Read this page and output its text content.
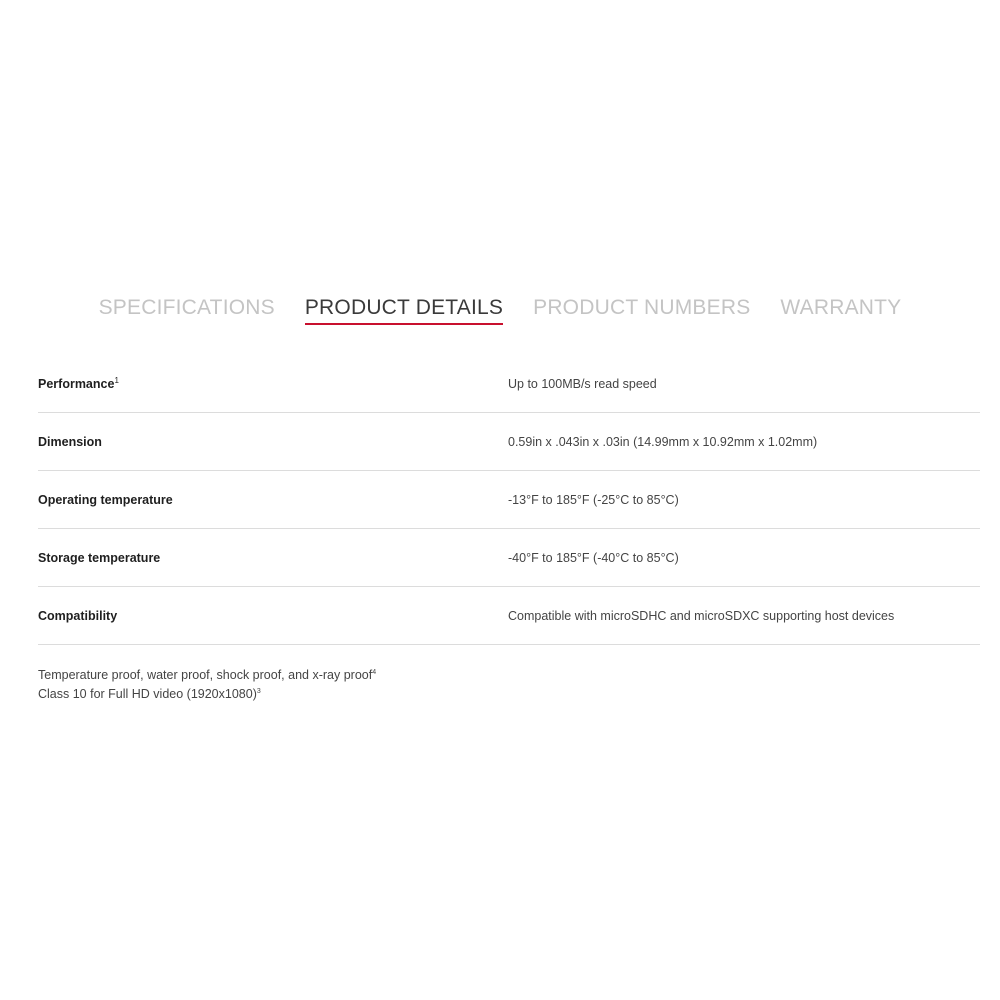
SPECIFICATIONS PRODUCT DETAILS PRODUCT NUMBERS WARRANTY
Performance$^1$	Up to 100MB/s read speed
Dimension	0.59in x .043in x .03in (14.99mm x 10.92mm x 1.02mm)
Operating temperature	-13°F to 185°F (-25°C to 85°C)
Storage temperature	-40°F to 185°F (-40°C to 85°C)
Compatibility	Compatible with microSDHC and microSDXC supporting host devices
Temperature proof, water proof, shock proof, and x-ray proof$^4$
Class 10 for Full HD video $(1920x1080)^3$
